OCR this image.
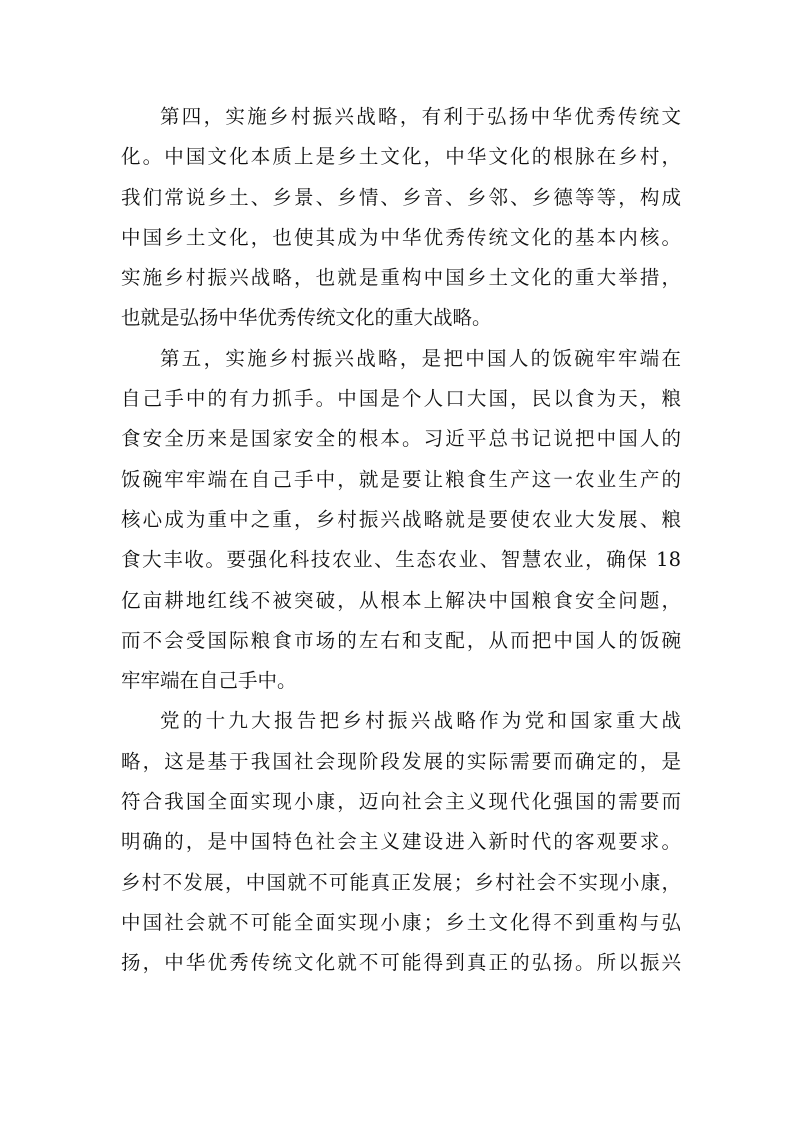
第四，实施乡村振兴战略，有利于弘扬中华优秀传统文
化。中国文化本质上是乡土文化，中华文化的根脉在乡村，
我们常说乡土、乡景、乡情、乡音、乡邻、乡德等等，构成
中国乡土文化，也使其成为中华优秀传统文化的基本内核。
实施乡村振兴战略，也就是重构中国乡土文化的重大举措，
也就是弘扬中华优秀传统文化的重大战略。
第五，实施乡村振兴战略，是把中国人的饭碗牢牢端在
自己手中的有力抓手。中国是个人口大国，民以食为天，粮
食安全历来是国家安全的根本。习近平总书记说把中国人的
饭碗牢牢端在自己手中，就是要让粮食生产这一农业生产的
核心成为重中之重，乡村振兴战略就是要使农业大发展、粮
食大丰收。要强化科技农业、生态农业、智慧农业，确保 18
亿亩耕地红线不被突破，从根本上解决中国粮食安全问题，
而不会受国际粮食市场的左右和支配，从而把中国人的饭碗
牢牢端在自己手中。
党的十九大报告把乡村振兴战略作为党和国家重大战
略，这是基于我国社会现阶段发展的实际需要而确定的，是
符合我国全面实现小康，迈向社会主义现代化强国的需要而
明确的，是中国特色社会主义建设进入新时代的客观要求。
乡村不发展，中国就不可能真正发展；乡村社会不实现小康，
中国社会就不可能全面实现小康；乡土文化得不到重构与弘
扬，中华优秀传统文化就不可能得到真正的弘扬。所以振兴
